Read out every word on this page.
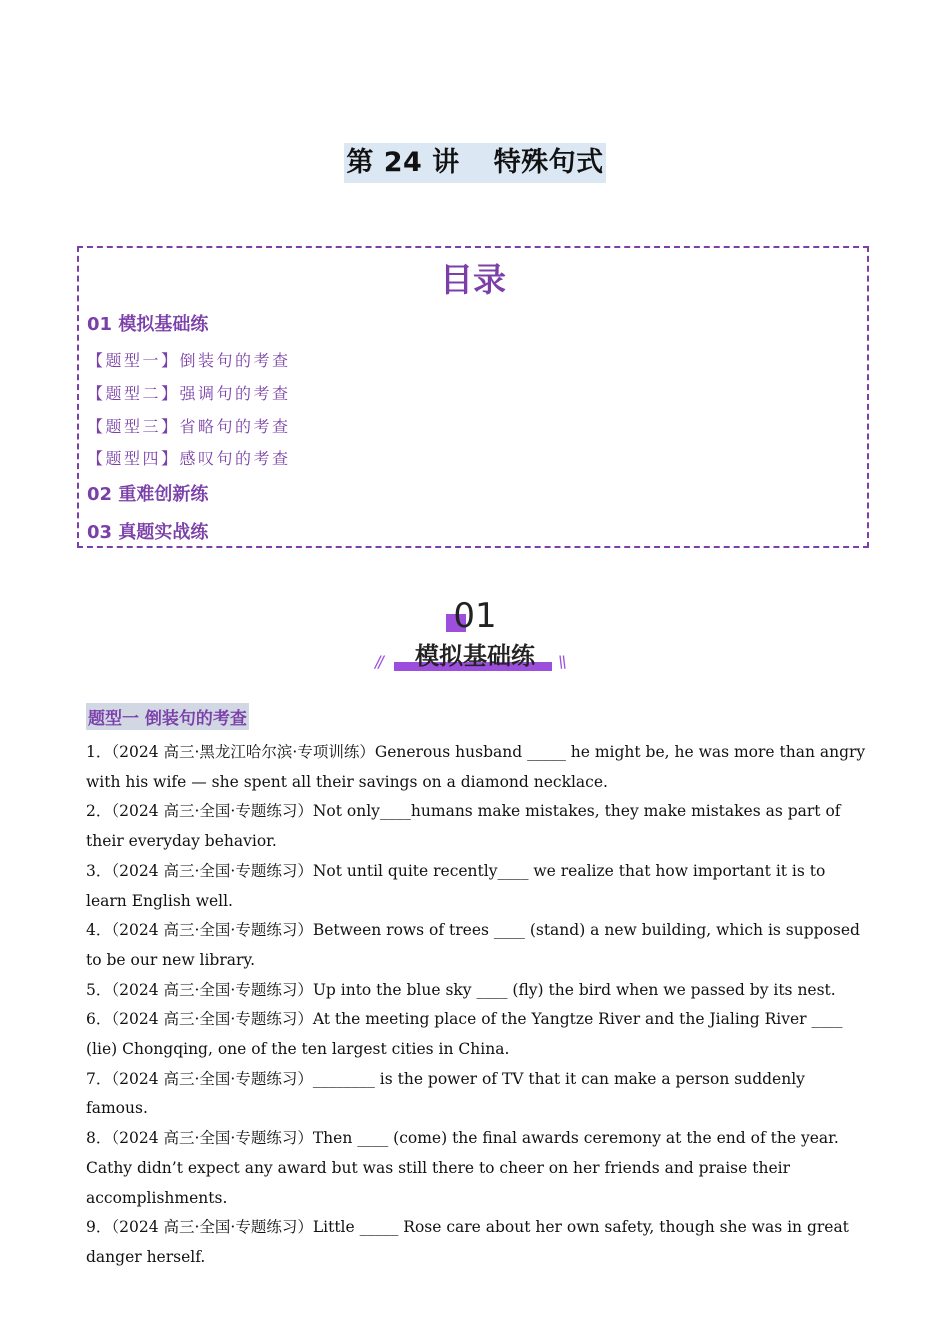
第 24 讲 特殊句式
目录
01 模拟基础练
【题型一】倒装句的考查
【题型二】强调句的考查
【题型三】省略句的考查
【题型四】感叹句的考查
02 重难创新练
03 真题实战练
01
模拟基础练
//	\\
题型一 倒装句的考查

1．（2024 高三·黑龙江哈尔滨·专项训练）Generous husband _____ he might be, he was more than angry with his wife — she spent all their savings on a diamond necklace.

2．（2024 高三·全国·专题练习）Not only____humans make mistakes, they make mistakes as part of their everyday behavior.

3．（2024 高三·全国·专题练习）Not until quite recently____ we realize that how important it is to learn English well.

4．（2024 高三·全国·专题练习）Between rows of trees ____ (stand) a new building, which is supposed to be our new library.

5．（2024 高三·全国·专题练习）Up into the blue sky ____ (fly) the bird when we passed by its nest.

6．（2024 高三·全国·专题练习）At the meeting place of the Yangtze River and the Jialing River ____ (lie) Chongqing, one of the ten largest cities in China.

7．（2024 高三·全国·专题练习）________ is the power of TV that it can make a person suddenly famous.

8．（2024 高三·全国·专题练习）Then ____ (come) the final awards ceremony at the end of the year. Cathy didn’t expect any award but was still there to cheer on her friends and praise their accomplishments.

9．（2024 高三·全国·专题练习）Little _____ Rose care about her own safety, though she was in great danger herself.
